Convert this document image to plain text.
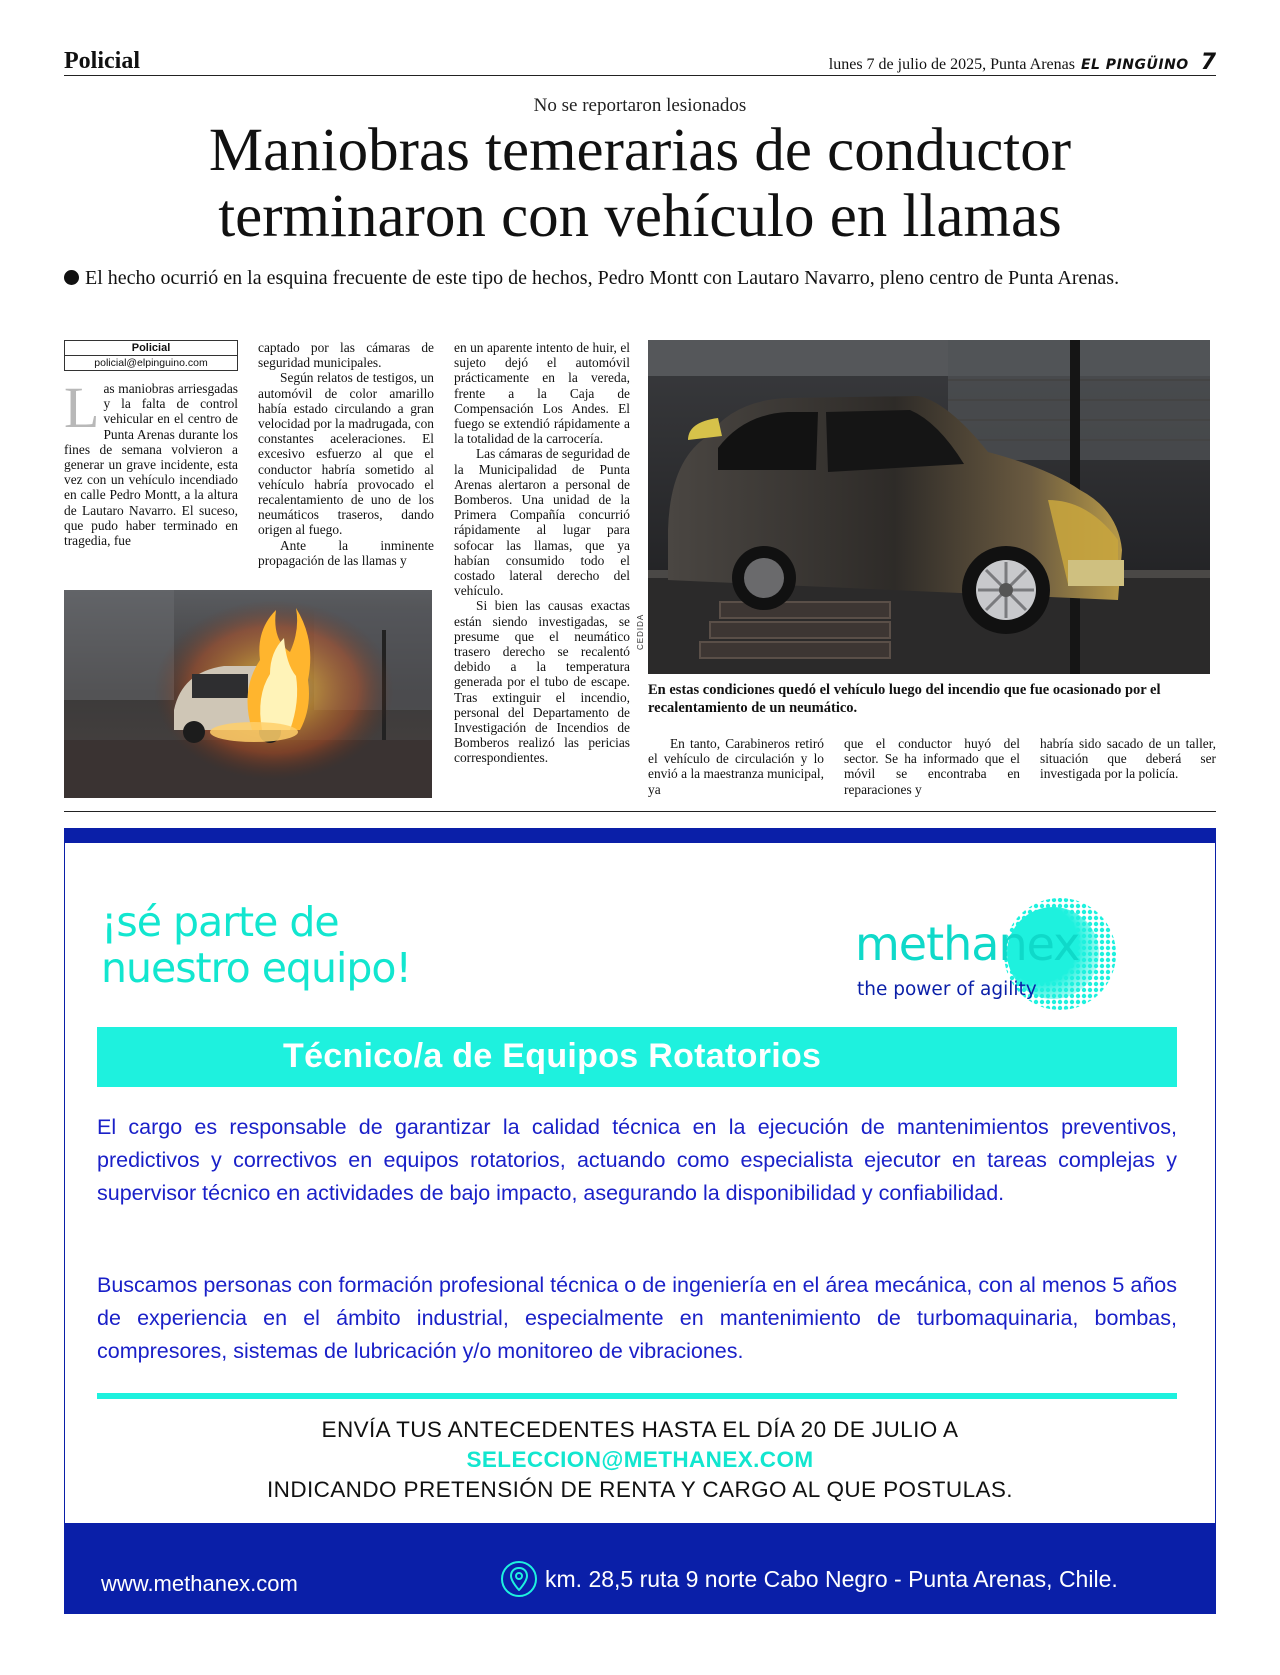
Policial	lunes 7 de julio de 2025, Punta Arenas EL PINGÜINO 7
No se reportaron lesionados
Maniobras temerarias de conductor
terminaron con vehículo en llamas
El hecho ocurrió en la esquina frecuente de este tipo de hechos, Pedro Montt con Lautaro Navarro, pleno centro de Punta Arenas.
Policial
policial@elpinguino.com

Las maniobras arriesgadas y la falta de control vehicular en el centro de Punta Arenas durante los fines de semana volvieron a generar un grave incidente, esta vez con un vehículo incendiado en calle Pedro Montt, a la altura de Lautaro Navarro. El suceso, que pudo haber terminado en tragedia, fue

captado por las cámaras de seguridad municipales.

Según relatos de testigos, un automóvil de color amarillo había estado circulando a gran velocidad por la madrugada, con constantes aceleraciones. El excesivo esfuerzo al que el conductor habría sometido al vehículo habría provocado el recalentamiento de uno de los neumáticos traseros, dando origen al fuego.

Ante la inminente propagación de las llamas y

en un aparente intento de huir, el sujeto dejó el automóvil prácticamente en la vereda, frente a la Caja de Compensación Los Andes. El fuego se extendió rápidamente a la totalidad de la carrocería.

Las cámaras de seguridad de la Municipalidad de Punta Arenas alertaron a personal de Bomberos. Una unidad de la Primera Compañía concurrió rápidamente al lugar para sofocar las llamas, que ya habían consumido todo el costado lateral derecho del vehículo.

Si bien las causas exactas están siendo investigadas, se presume que el neumático trasero derecho se recalentó debido a la temperatura generada por el tubo de escape. Tras extinguir el incendio, personal del Departamento de Investigación de Incendios de Bomberos realizó las pericias correspondientes.

CEDIDA
En estas condiciones quedó el vehículo luego del incendio que fue ocasionado por el recalentamiento de un neumático.

En tanto, Carabineros retiró el vehículo de circulación y lo envió a la maestranza municipal, ya

que el conductor huyó del sector. Se ha informado que el móvil se encontraba en reparaciones y

habría sido sacado de un taller, situación que deberá ser investigada por la policía.

¡sé parte de
nuestro equipo!	methanex
the power of agility
Técnico/a de Equipos Rotatorios

El cargo es responsable de garantizar la calidad técnica en la ejecución de mantenimientos preventivos, predictivos y correctivos en equipos rotatorios, actuando como especialista ejecutor en tareas complejas y supervisor técnico en actividades de bajo impacto, asegurando la disponibilidad y confiabilidad.

Buscamos personas con formación profesional técnica o de ingeniería en el área mecánica, con al menos 5 años de experiencia en el ámbito industrial, especialmente en mantenimiento de turbomaquinaria, bombas, compresores, sistemas de lubricación y/o monitoreo de vibraciones.

ENVÍA TUS ANTECEDENTES HASTA EL DÍA 20 DE JULIO A
SELECCION@METHANEX.COM
INDICANDO PRETENSIÓN DE RENTA Y CARGO AL QUE POSTULAS.
www.methanex.com	km. 28,5 ruta 9 norte Cabo Negro - Punta Arenas, Chile.
